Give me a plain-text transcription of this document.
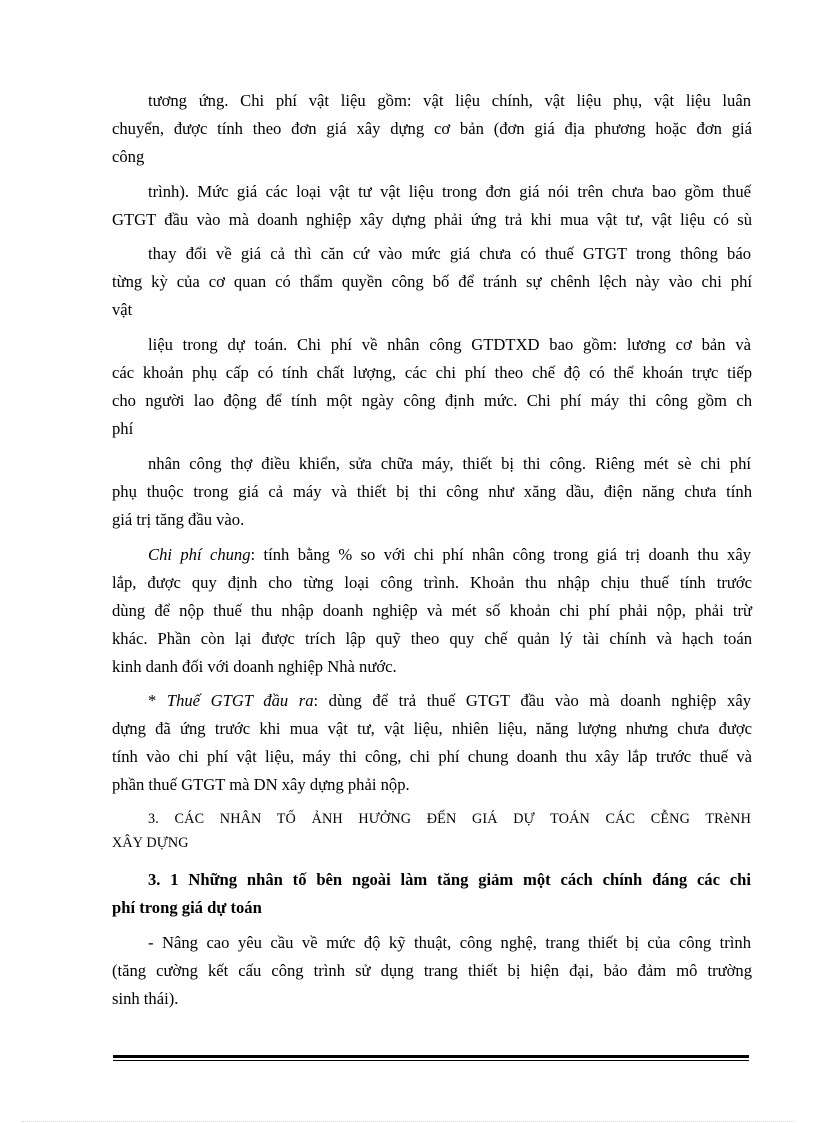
tương ứng. Chi phí vật liệu gồm: vật liệu chính, vật liệu phụ, vật liệu luân

chuyển, được tính theo đơn giá xây dựng cơ bản (đơn giá địa phương hoặc đơn giá

công

trình). Mức giá các loại vật tư vật liệu trong đơn giá nói trên chưa bao gồm thuế

GTGT đầu vào mà doanh nghiệp xây dựng phải ứng trả khi mua vật tư, vật liệu có sù

thay đổi về giá cả thì căn cứ vào mức giá chưa có thuế GTGT trong thông báo

từng kỳ của cơ quan có thẩm quyền công bố để tránh sự chênh lệch này vào chi phí

vật

liệu trong dự toán. Chi phí về nhân công GTDTXD bao gồm: lương cơ bản và

các khoản phụ cấp có tính chất lượng, các chi phí theo chế độ có thể khoán trực tiếp

cho người lao động để tính một ngày công định mức. Chi phí máy thi công gồm ch

phí

nhân công thợ điều khiển, sửa chữa máy, thiết bị thi công. Riêng mét sè chi phí

phụ thuộc trong giá cả máy và thiết bị thi công như xăng dầu, điện năng chưa tính

giá trị tăng đầu vào.

Chi phí chung: tính bằng % so với chi phí nhân công trong giá trị doanh thu xây

lắp, được quy định cho từng loại công trình. Khoản thu nhập chịu thuế tính trước

dùng để nộp thuế thu nhập doanh nghiệp và mét số khoản chi phí phải nộp, phải trừ

khác. Phần còn lại được trích lập quỹ theo quy chế quản lý tài chính và hạch toán

kinh danh đối với doanh nghiệp Nhà nước.

* Thuế GTGT đầu ra: dùng để trả thuế GTGT đầu vào mà doanh nghiệp xây

dựng đã ứng trước khi mua vật tư, vật liệu, nhiên liệu, năng lượng nhưng chưa được

tính vào chi phí vật liệu, máy thi công, chi phí chung doanh thu xây lắp trước thuế và

phần thuế GTGT mà DN xây dựng phải nộp.

3. CÁC NHÂN TỐ ẢNH HƯỞNG ĐẾN GIÁ DỰ TOÁN CÁC CỄNG TRèNH

XÂY DỰNG

3. 1 Những nhân tố bên ngoài làm tăng giảm một cách chính đáng các chi

phí trong giá dự toán

- Nâng cao yêu cầu về mức độ kỹ thuật, công nghệ, trang thiết bị của công trình

(tăng cường kết cấu công trình sử dụng trang thiết bị hiện đại, bảo đảm mô trường

sinh thái).
